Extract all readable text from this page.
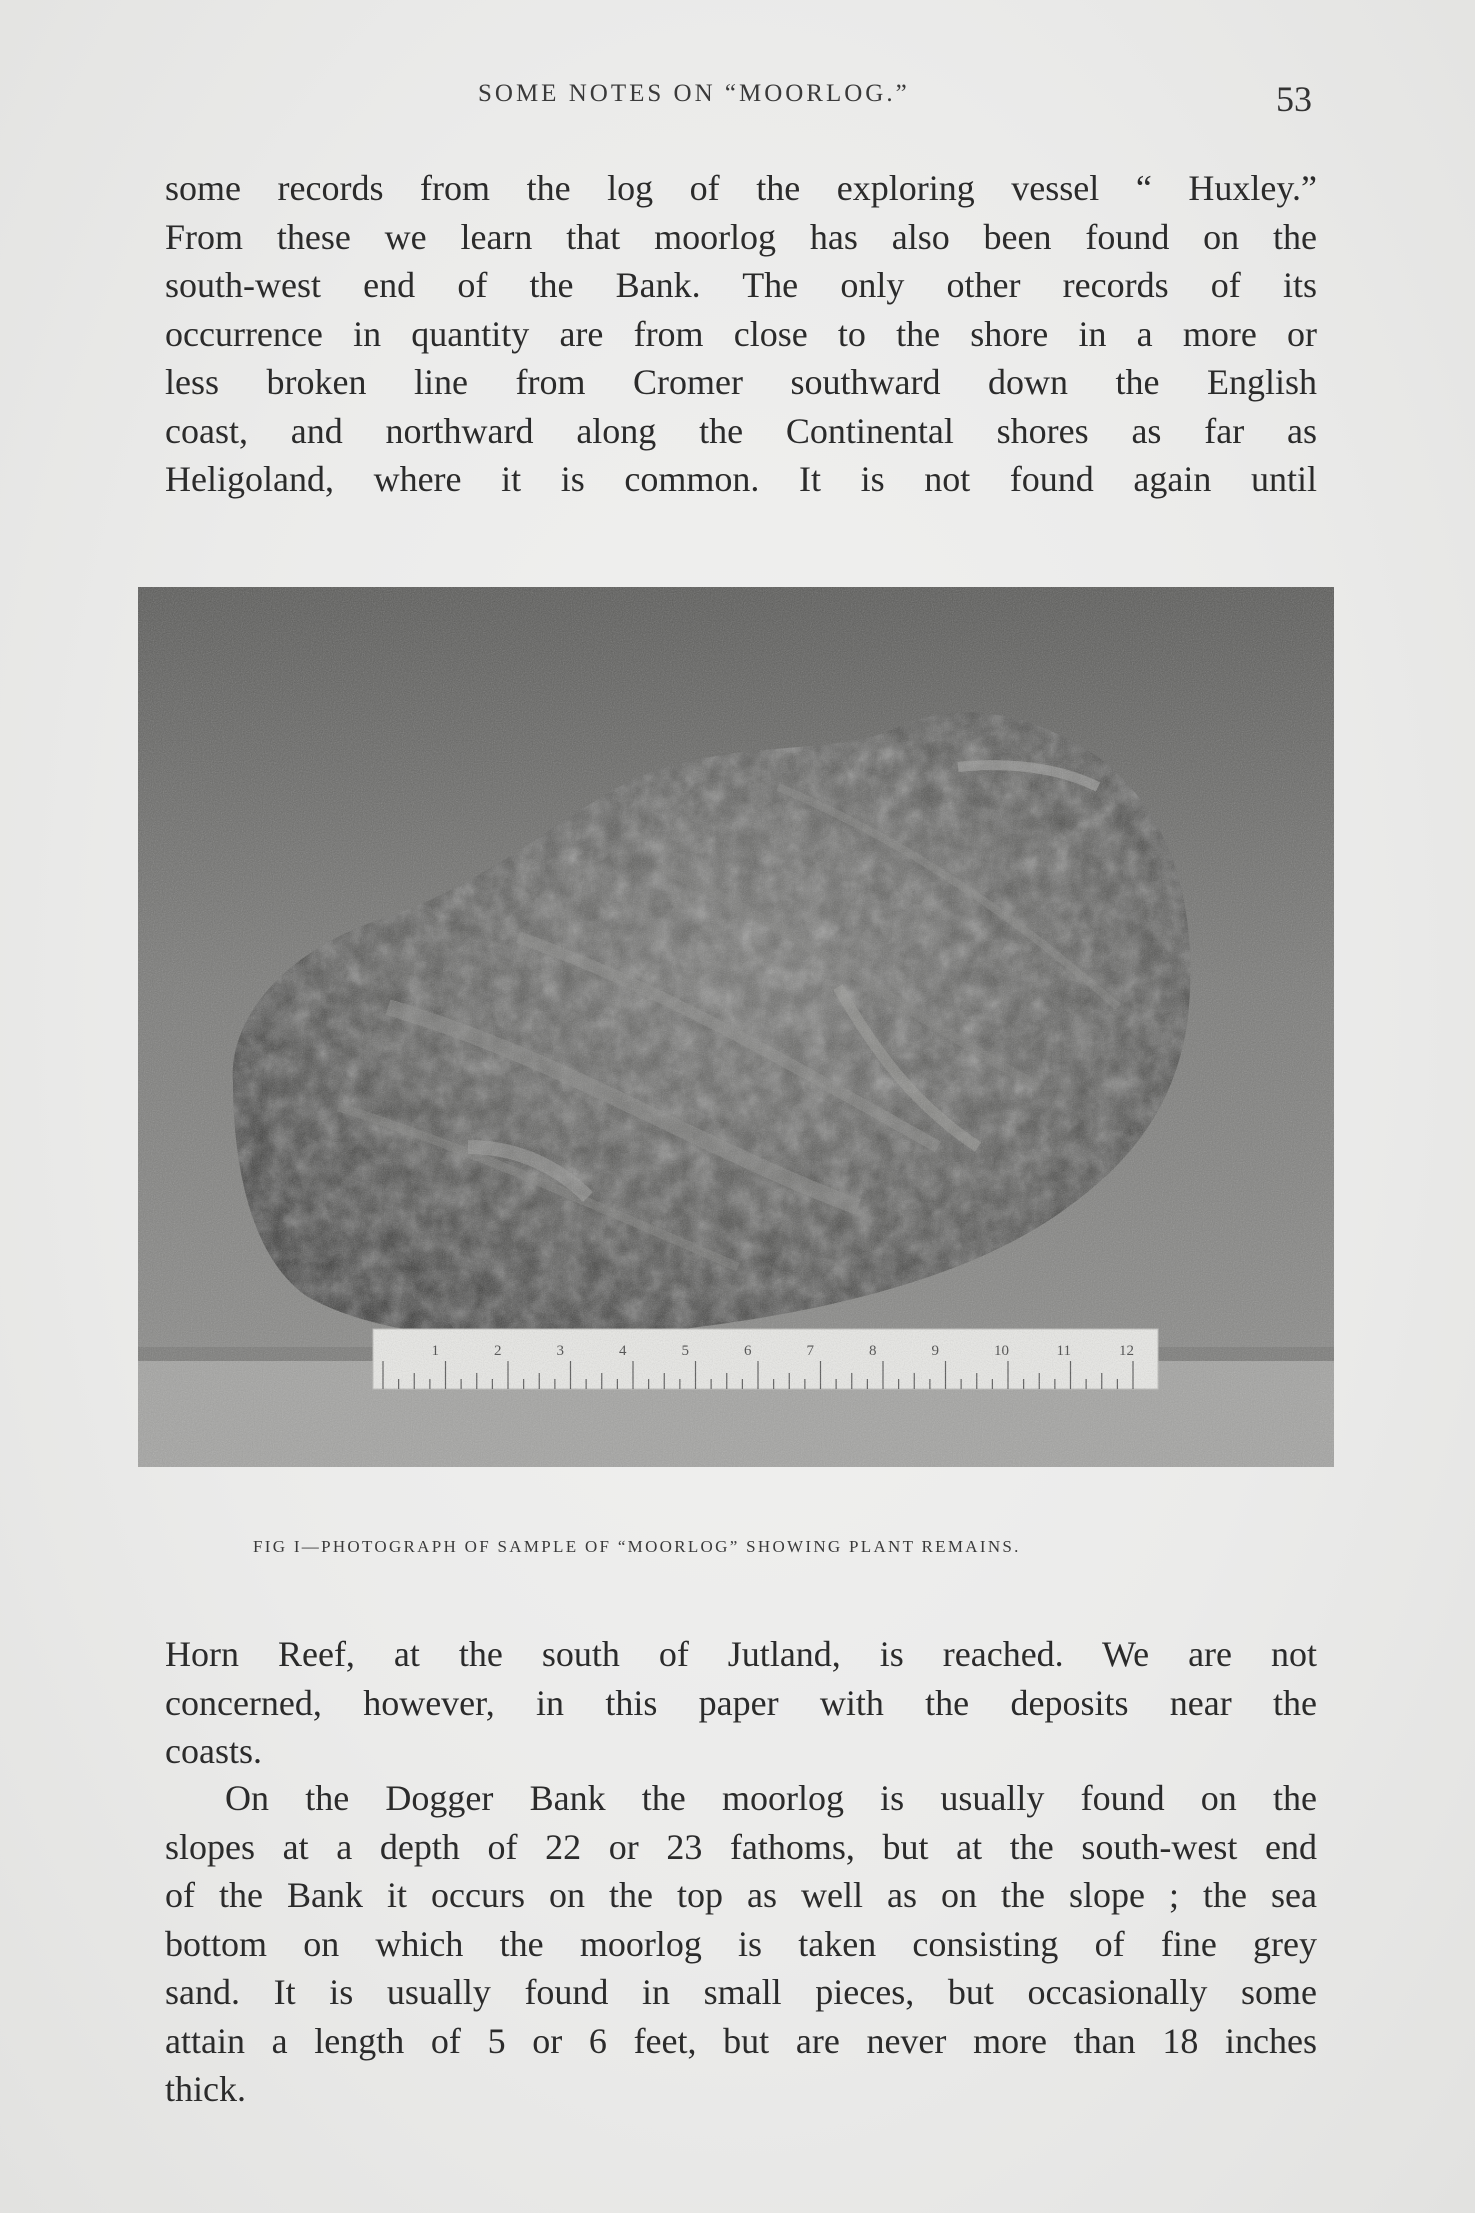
SOME NOTES ON “MOORLOG.”	53

some records from the log of the exploring vessel “ Huxley.”
From these we learn that moorlog has also been found on the
south-west end of the Bank. The only other records of its
occurrence in quantity are from close to the shore in a more or
less broken line from Cromer southward down the English
coast, and northward along the Continental shores as far as
Heligoland, where it is common. It is not found again until

FIG I—PHOTOGRAPH OF SAMPLE OF “MOORLOG” SHOWING PLANT REMAINS.

Horn Reef, at the south of Jutland, is reached. We are not
concerned, however, in this paper with the deposits near the
coasts.

On the Dogger Bank the moorlog is usually found on the
slopes at a depth of 22 or 23 fathoms, but at the south-west end
of the Bank it occurs on the top as well as on the slope ; the sea
bottom on which the moorlog is taken consisting of fine grey
sand. It is usually found in small pieces, but occasionally some
attain a length of 5 or 6 feet, but are never more than 18 inches
thick.
